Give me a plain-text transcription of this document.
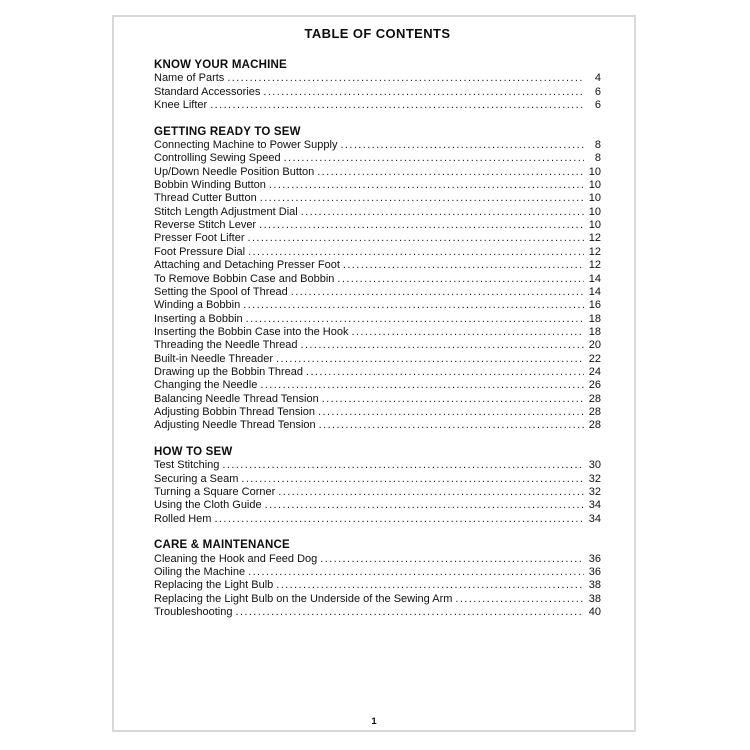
TABLE OF CONTENTS
KNOW YOUR MACHINE
Name of Parts .....	4
Standard Accessories .....	6
Knee Lifter .....	6
GETTING READY TO SEW
Connecting Machine to Power Supply .....	8
Controlling Sewing Speed .....	8
Up/Down Needle Position Button .....	10
Bobbin Winding Button .....	10
Thread Cutter Button .....	10
Stitch Length Adjustment Dial .....	10
Reverse Stitch Lever .....	10
Presser Foot Lifter .....	12
Foot Pressure Dial .....	12
Attaching and Detaching Presser Foot .....	12
To Remove Bobbin Case and Bobbin .....	14
Setting the Spool of Thread .....	14
Winding a Bobbin .....	16
Inserting a Bobbin .....	18
Inserting the Bobbin Case into the Hook .....	18
Threading the Needle Thread .....	20
Built-in Needle Threader .....	22
Drawing up the Bobbin Thread .....	24
Changing the Needle .....	26
Balancing Needle Thread Tension .....	28
Adjusting Bobbin Thread Tension .....	28
Adjusting Needle Thread Tension .....	28
HOW TO SEW
Test Stitching .....	30
Securing a Seam .....	32
Turning a Square Corner .....	32
Using the Cloth Guide .....	34
Rolled Hem .....	34
CARE & MAINTENANCE
Cleaning the Hook and Feed Dog .....	36
Oiling the Machine .....	36
Replacing the Light Bulb .....	38
Replacing the Light Bulb on the Underside of the Sewing Arm .....	38
Troubleshooting .....	40
1
